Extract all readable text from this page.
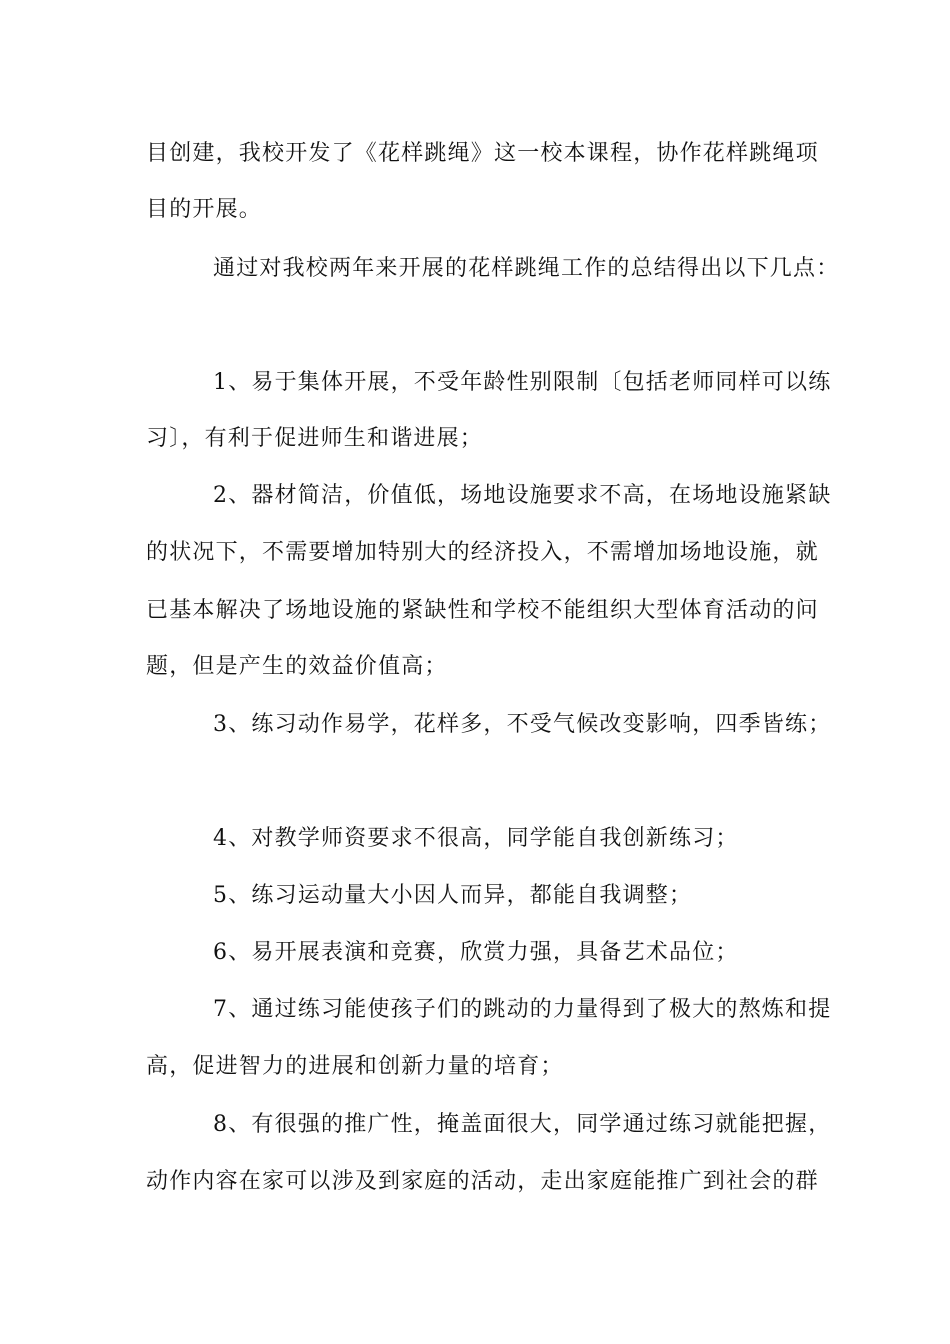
目创建，我校开发了《花样跳绳》这一校本课程，协作花样跳绳项
目的开展。
通过对我校两年来开展的花样跳绳工作的总结得出以下几点：
1、易于集体开展，不受年龄性别限制〔包括老师同样可以练
习〕，有利于促进师生和谐进展；
2、器材简洁，价值低，场地设施要求不高，在场地设施紧缺
的状况下，不需要增加特别大的经济投入，不需增加场地设施，就
已基本解决了场地设施的紧缺性和学校不能组织大型体育活动的问
题，但是产生的效益价值高；
3、练习动作易学，花样多，不受气候改变影响，四季皆练；
4、对教学师资要求不很高，同学能自我创新练习；
5、练习运动量大小因人而异，都能自我调整；
6、易开展表演和竞赛，欣赏力强，具备艺术品位；
7、通过练习能使孩子们的跳动的力量得到了极大的熬炼和提
高，促进智力的进展和创新力量的培育；
8、有很强的推广性，掩盖面很大，同学通过练习就能把握，
动作内容在家可以涉及到家庭的活动，走出家庭能推广到社会的群
